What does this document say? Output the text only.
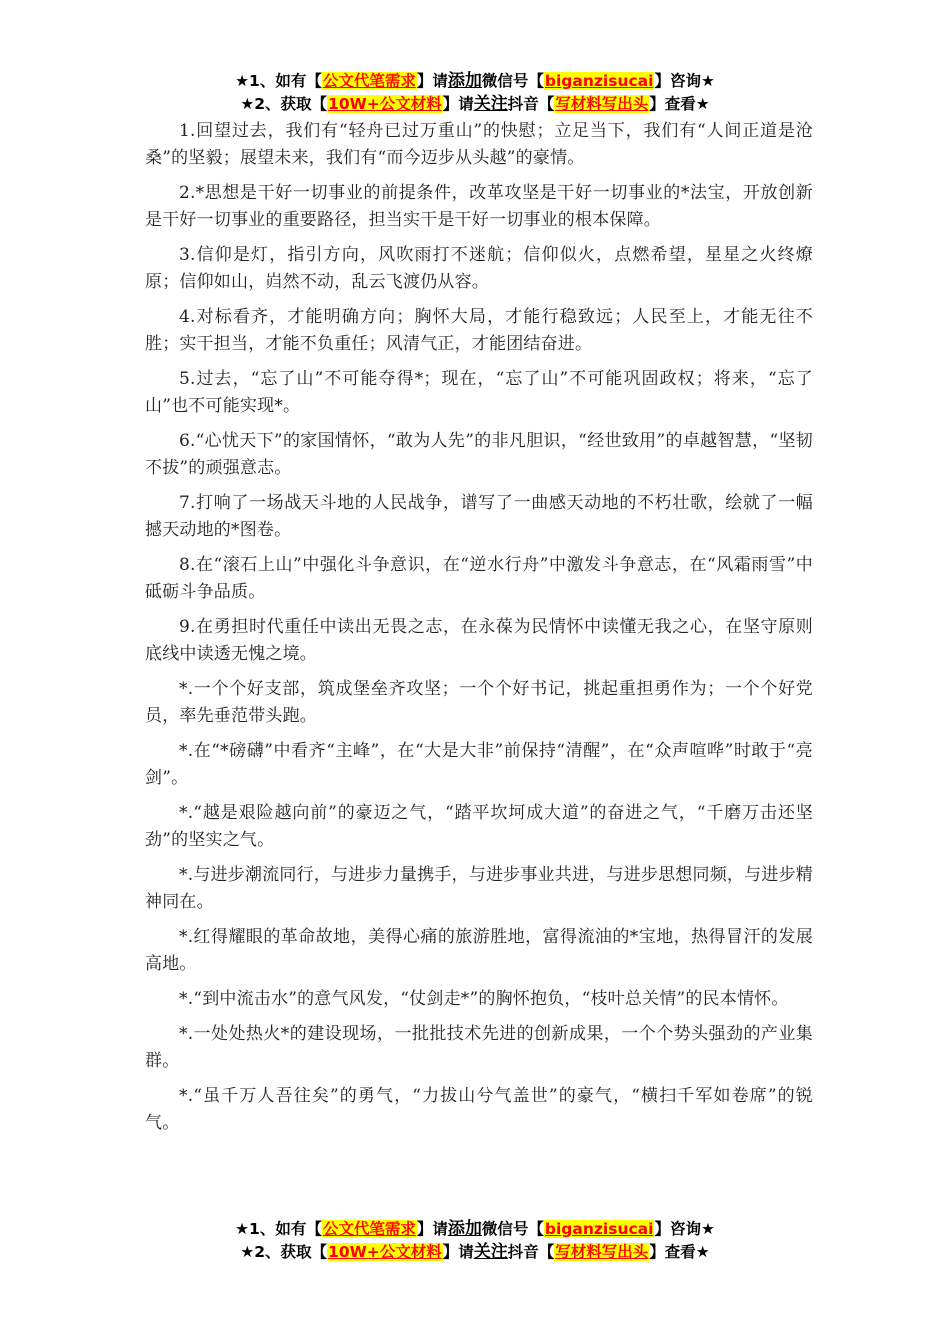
★1、如有【公文代笔需求】请添加微信号【biganzisucai】咨询★
★2、获取【10W+公文材料】请关注抖音【写材料写出头】查看★

1.回望过去，我们有“轻舟已过万重山”的快慰；立足当下，我们有“人间正道是沧桑”的坚毅；展望未来，我们有“而今迈步从头越”的豪情。

2.*思想是干好一切事业的前提条件，改革攻坚是干好一切事业的*法宝，开放创新是干好一切事业的重要路径，担当实干是干好一切事业的根本保障。

3.信仰是灯，指引方向，风吹雨打不迷航；信仰似火，点燃希望，星星之火终燎原；信仰如山，岿然不动，乱云飞渡仍从容。

4.对标看齐，才能明确方向；胸怀大局，才能行稳致远；人民至上，才能无往不胜；实干担当，才能不负重任；风清气正，才能团结奋进。

5.过去，“忘了山”不可能夺得*；现在，“忘了山”不可能巩固政权；将来，“忘了山”也不可能实现*。

6.“心忧天下”的家国情怀，“敢为人先”的非凡胆识，“经世致用”的卓越智慧，“坚韧不拔”的顽强意志。

7.打响了一场战天斗地的人民战争，谱写了一曲感天动地的不朽壮歌，绘就了一幅撼天动地的*图卷。

8.在“滚石上山”中强化斗争意识，在“逆水行舟”中激发斗争意志，在“风霜雨雪”中砥砺斗争品质。

9.在勇担时代重任中读出无畏之志，在永葆为民情怀中读懂无我之心，在坚守原则底线中读透无愧之境。

*.一个个好支部，筑成堡垒齐攻坚；一个个好书记，挑起重担勇作为；一个个好党员，率先垂范带头跑。

*.在“*磅礴”中看齐“主峰”，在“大是大非”前保持“清醒”，在“众声喧哗”时敢于“亮剑”。

*.“越是艰险越向前”的豪迈之气，“踏平坎坷成大道”的奋进之气，“千磨万击还坚劲”的坚实之气。

*.与进步潮流同行，与进步力量携手，与进步事业共进，与进步思想同频，与进步精神同在。

*.红得耀眼的革命故地，美得心痛的旅游胜地，富得流油的*宝地，热得冒汗的发展高地。

*.“到中流击水”的意气风发，“仗剑走*”的胸怀抱负，“枝叶总关情”的民本情怀。

*.一处处热火*的建设现场，一批批技术先进的创新成果，一个个势头强劲的产业集群。

*.“虽千万人吾往矣”的勇气，“力拔山兮气盖世”的豪气，“横扫千军如卷席”的锐气。

★1、如有【公文代笔需求】请添加微信号【biganzisucai】咨询★
★2、获取【10W+公文材料】请关注抖音【写材料写出头】查看★
